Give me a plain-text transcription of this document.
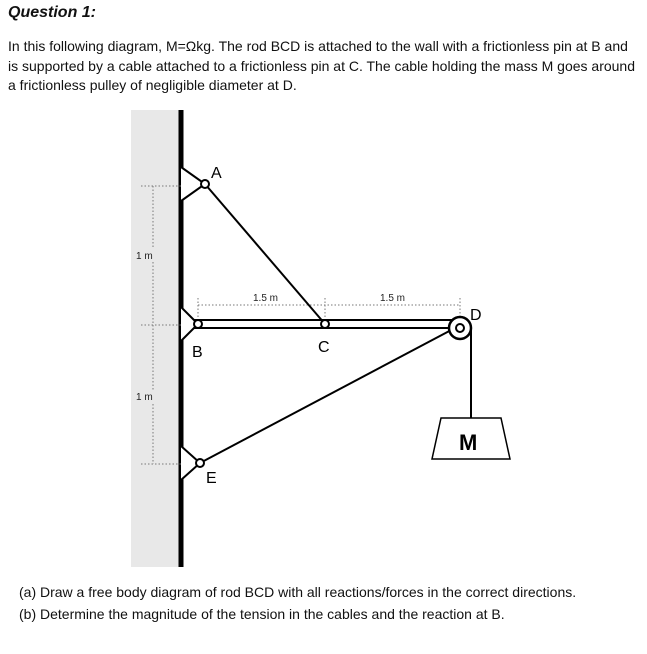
Question 1:
In this following diagram, M=Ωkg. The rod BCD is attached to the wall with a frictionless pin at B and is supported by a cable attached to a frictionless pin at C. The cable holding the mass M goes around a frictionless pulley of negligible diameter at D.
1 m
1 m
1.5 m	1.5 m
M
A
B	C
D
E
(a) Draw a free body diagram of rod BCD with all reactions/forces in the correct directions.
(b) Determine the magnitude of the tension in the cables and the reaction at B.
